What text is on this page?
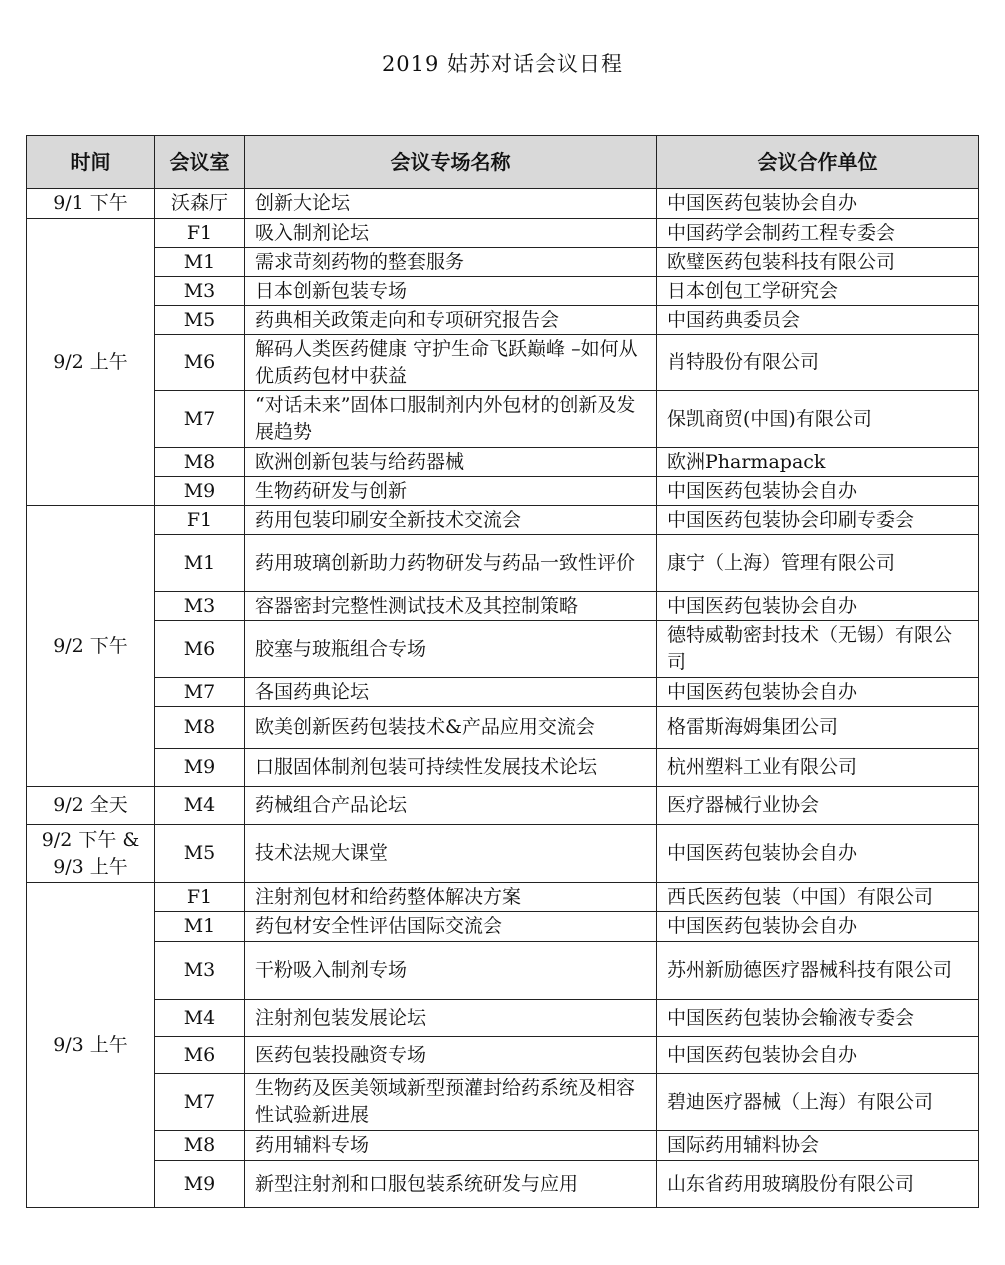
2019 姑苏对话会议日程
时间	会议室	会议专场名称	会议合作单位
9/1 下午	沃森厅	创新大论坛	中国医药包装协会自办
9/2 上午	F1	吸入制剂论坛	中国药学会制药工程专委会
	M1	需求苛刻药物的整套服务	欧璧医药包装科技有限公司
	M3	日本创新包装专场	日本创包工学研究会
	M5	药典相关政策走向和专项研究报告会	中国药典委员会
	M6	解码人类医药健康 守护生命飞跃巅峰 –如何从优质药包材中获益	肖特股份有限公司
	M7	“对话未来”固体口服制剂内外包材的创新及发展趋势	保凯商贸(中国)有限公司
	M8	欧洲创新包装与给药器械	欧洲Pharmapack
	M9	生物药研发与创新	中国医药包装协会自办
9/2 下午	F1	药用包装印刷安全新技术交流会	中国医药包装协会印刷专委会
	M1	药用玻璃创新助力药物研发与药品一致性评价	康宁（上海）管理有限公司
	M3	容器密封完整性测试技术及其控制策略	中国医药包装协会自办
	M6	胶塞与玻瓶组合专场	德特威勒密封技术（无锡）有限公司
	M7	各国药典论坛	中国医药包装协会自办
	M8	欧美创新医药包装技术&产品应用交流会	格雷斯海姆集团公司
	M9	口服固体制剂包装可持续性发展技术论坛	杭州塑料工业有限公司
9/2 全天	M4	药械组合产品论坛	医疗器械行业协会
9/2 下午 & 9/3 上午	M5	技术法规大课堂	中国医药包装协会自办
9/3 上午	F1	注射剂包材和给药整体解决方案	西氏医药包装（中国）有限公司
	M1	药包材安全性评估国际交流会	中国医药包装协会自办
	M3	干粉吸入制剂专场	苏州新励德医疗器械科技有限公司
	M4	注射剂包装发展论坛	中国医药包装协会输液专委会
	M6	医药包装投融资专场	中国医药包装协会自办
	M7	生物药及医美领域新型预灌封给药系统及相容性试验新进展	碧迪医疗器械（上海）有限公司
	M8	药用辅料专场	国际药用辅料协会
	M9	新型注射剂和口服包装系统研发与应用	山东省药用玻璃股份有限公司
